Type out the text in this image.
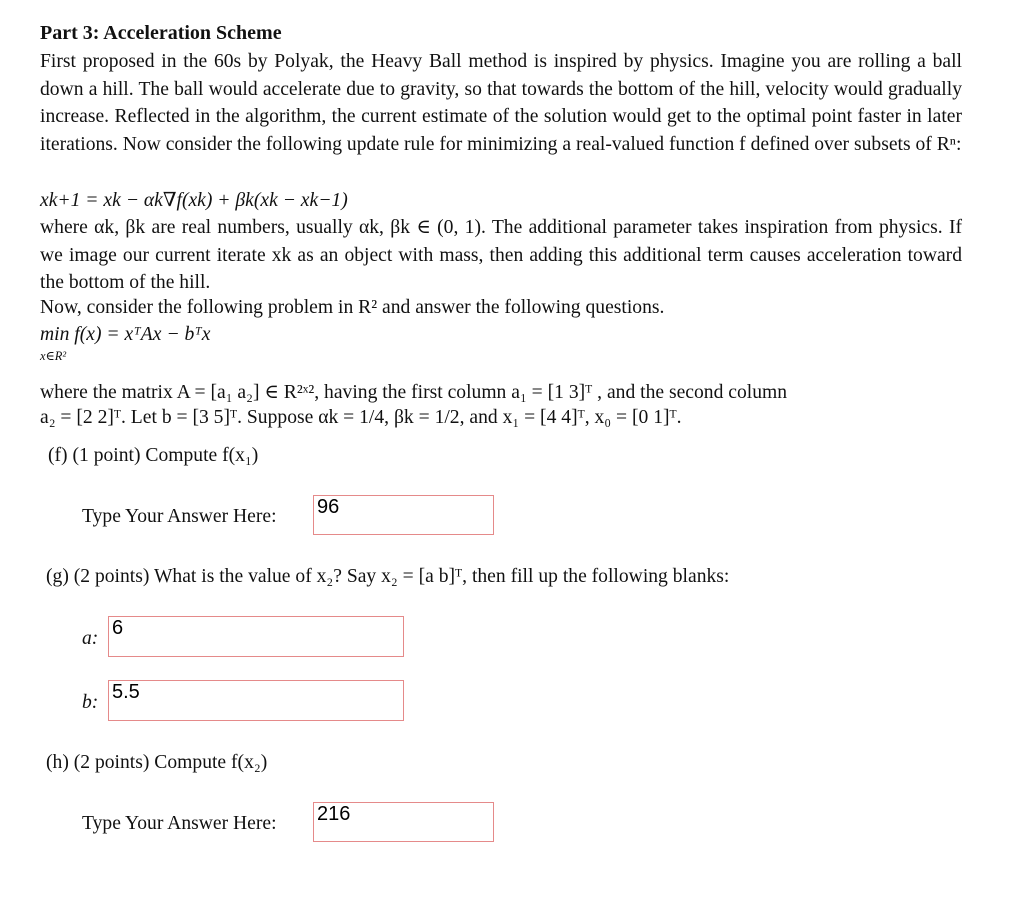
Part 3: Acceleration Scheme
First proposed in the 60s by Polyak, the Heavy Ball method is inspired by physics. Imagine you are rolling a ball down a hill. The ball would accelerate due to gravity, so that towards the bottom of the hill, velocity would gradually increase. Reflected in the algorithm, the current estimate of the solution would get to the optimal point faster in later iterations. Now consider the following update rule for minimizing a real-valued function f defined over subsets of Rⁿ:
xk+1 = xk − αk∇f(xk) + βk(xk − xk−1)
where αk, βk are real numbers, usually αk, βk ∈ (0, 1). The additional parameter takes inspiration from physics. If we image our current iterate xk as an object with mass, then adding this additional term causes acceleration toward the bottom of the hill.
Now, consider the following problem in R² and answer the following questions.
min f(x) = xᵀAx − bᵀx
x∈R²
where the matrix A = [a₁ a₂] ∈ R²ˣ², having the first column a₁ = [1 3]ᵀ , and the second column
a₂ = [2 2]ᵀ. Let b = [3 5]ᵀ. Suppose αk = 1/4, βk = 1/2, and x₁ = [4 4]ᵀ, x₀ = [0 1]ᵀ.
(f) (1 point) Compute f(x₁)
Type Your Answer Here: 96
(g) (2 points) What is the value of x₂? Say x₂ = [a b]ᵀ, then fill up the following blanks:
a: 6
b: 5.5
(h) (2 points) Compute f(x₂)
Type Your Answer Here: 216
